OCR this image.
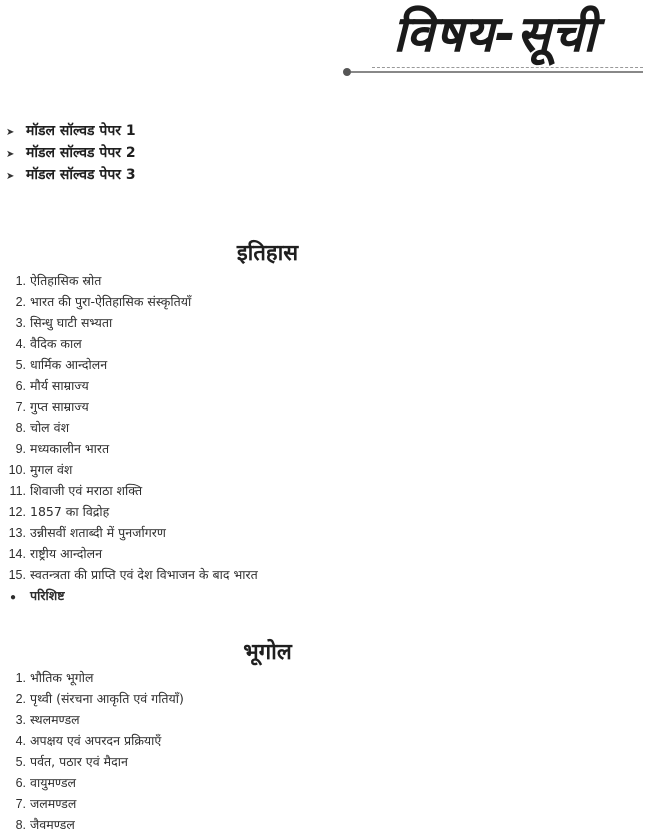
विषय-सूची
➤ मॉडल सॉल्वड पेपर 1
➤ मॉडल सॉल्वड पेपर 2
➤ मॉडल सॉल्वड पेपर 3
इतिहास
1. ऐतिहासिक स्रोत
2. भारत की पुरा-ऐतिहासिक संस्कृतियाँ
3. सिन्धु घाटी सभ्यता
4. वैदिक काल
5. धार्मिक आन्दोलन
6. मौर्य साम्राज्य
7. गुप्त साम्राज्य
8. चोल वंश
9. मध्यकालीन भारत
10. मुगल वंश
11. शिवाजी एवं मराठा शक्ति
12. 1857 का विद्रोह
13. उन्नीसवीं शताब्दी में पुनर्जागरण
14. राष्ट्रीय आन्दोलन
15. स्वतन्त्रता की प्राप्ति एवं देश विभाजन के बाद भारत
● परिशिष्ट
भूगोल
1. भौतिक भूगोल
2. पृथ्वी (संरचना आकृति एवं गतियाँ)
3. स्थलमण्डल
4. अपक्षय एवं अपरदन प्रक्रियाएँ
5. पर्वत, पठार एवं मैदान
6. वायुमण्डल
7. जलमण्डल
8. जैवमण्डल
